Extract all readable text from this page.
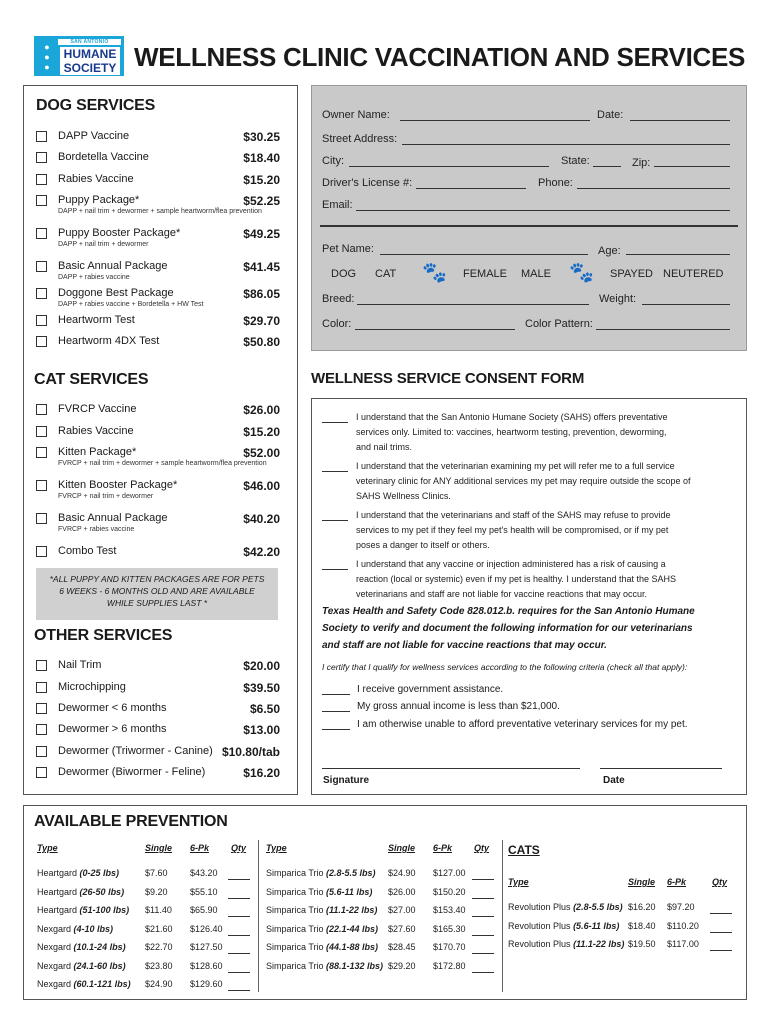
●
●
●
SAN ANTONIO
HUMANE
SOCIETY WELLNESS CLINIC VACCINATION AND SERVICES
DOG SERVICES
DAPP Vaccine	$30.25
Bordetella Vaccine	$18.40
Rabies Vaccine	$15.20
Puppy Package*	$52.25
DAPP + nail trim + dewormer + sample heartworm/flea prevention
Puppy Booster Package*	$49.25
DAPP + nail trim + dewormer
Basic Annual Package	$41.45
DAPP + rabies vaccine
Doggone Best Package	$86.05
DAPP + rabies vaccine + Bordetella + HW Test
Heartworm Test	$29.70
Heartworm 4DX Test	$50.80
CAT SERVICES
FVRCP Vaccine	$26.00
Rabies Vaccine	$15.20
Kitten Package*	$52.00
FVRCP + nail trim + dewormer + sample heartworm/flea prevention
Kitten Booster Package*	$46.00
FVRCP + nail trim + dewormer
Basic Annual Package	$40.20
FVRCP + rabies vaccine
Combo Test	$42.20
*ALL PUPPY AND KITTEN PACKAGES ARE FOR PETS
6 WEEKS - 6 MONTHS OLD AND ARE AVAILABLE
WHILE SUPPLIES LAST *
OTHER SERVICES
Nail Trim	$20.00
Microchipping	$39.50
Dewormer < 6 months	$6.50
Dewormer > 6 months	$13.00
Dewormer (Triwormer - Canine) $10.80/tab
Dewormer (Biwormer - Feline)	$16.20
Owner Name:	Date:
Street Address:
City:	State:	Zip:
Driver's License #:	Phone:
Email:
Pet Name:	Age:
DOG CAT 🐾 FEMALE MALE 🐾 SPAYED NEUTERED
Breed:	Weight:
Color:	Color Pattern:
WELLNESS SERVICE CONSENT FORM
I understand that the San Antonio Humane Society (SAHS) offers preventative
services only. Limited to: vaccines, heartworm testing, prevention, deworming,
and nail trims.
I understand that the veterinarian examining my pet will refer me to a full service
veterinary clinic for ANY additional services my pet may require outside the scope of
SAHS Wellness Clinics.
I understand that the veterinarians and staff of the SAHS may refuse to provide
services to my pet if they feel my pet's health will be compromised, or if my pet
poses a danger to itself or others.
I understand that any vaccine or injection administered has a risk of causing a
reaction (local or systemic) even if my pet is healthy. I understand that the SAHS
veterinarians and staff are not liable for vaccine reactions that may occur.
Texas Health and Safety Code 828.012.b. requires for the San Antonio Humane
Society to verify and document the following information for our veterinarians
and staff are not liable for vaccine reactions that may occur.
I certify that I qualify for wellness services according to the following criteria (check all that apply):
I receive government assistance.
My gross annual income is less than $21,000.
I am otherwise unable to afford preventative veterinary services for my pet.
Signature	Date
AVAILABLE PREVENTION
CATS
Type	Single 6-Pk Qty
Heartgard (0-25 lbs)	$7.60 $43.20
Heartgard (26-50 lbs) $9.20 $55.10
Heartgard (51-100 lbs) $11.40 $65.90
Nexgard (4-10 lbs)	$21.60 $126.40
Nexgard (10.1-24 lbs) $22.70 $127.50
Nexgard (24.1-60 lbs) $23.80 $128.60
Nexgard (60.1-121 lbs) $24.90 $129.60
Type	Single 6-Pk Qty
Simparica Trio (2.8-5.5 lbs) $24.90 $127.00
Simparica Trio (5.6-11 lbs) $26.00 $150.20
Simparica Trio (11.1-22 lbs) $27.00 $153.40
Simparica Trio (22.1-44 lbs) $27.60 $165.30
Simparica Trio (44.1-88 lbs) $28.45 $170.70
Simparica Trio (88.1-132 lbs) $29.20 $172.80
Type	Single 6-Pk	Qty
Revolution Plus (2.8-5.5 lbs) $16.20 $97.20
Revolution Plus (5.6-11 lbs) $18.40 $110.20
Revolution Plus (11.1-22 lbs) $19.50 $117.00
